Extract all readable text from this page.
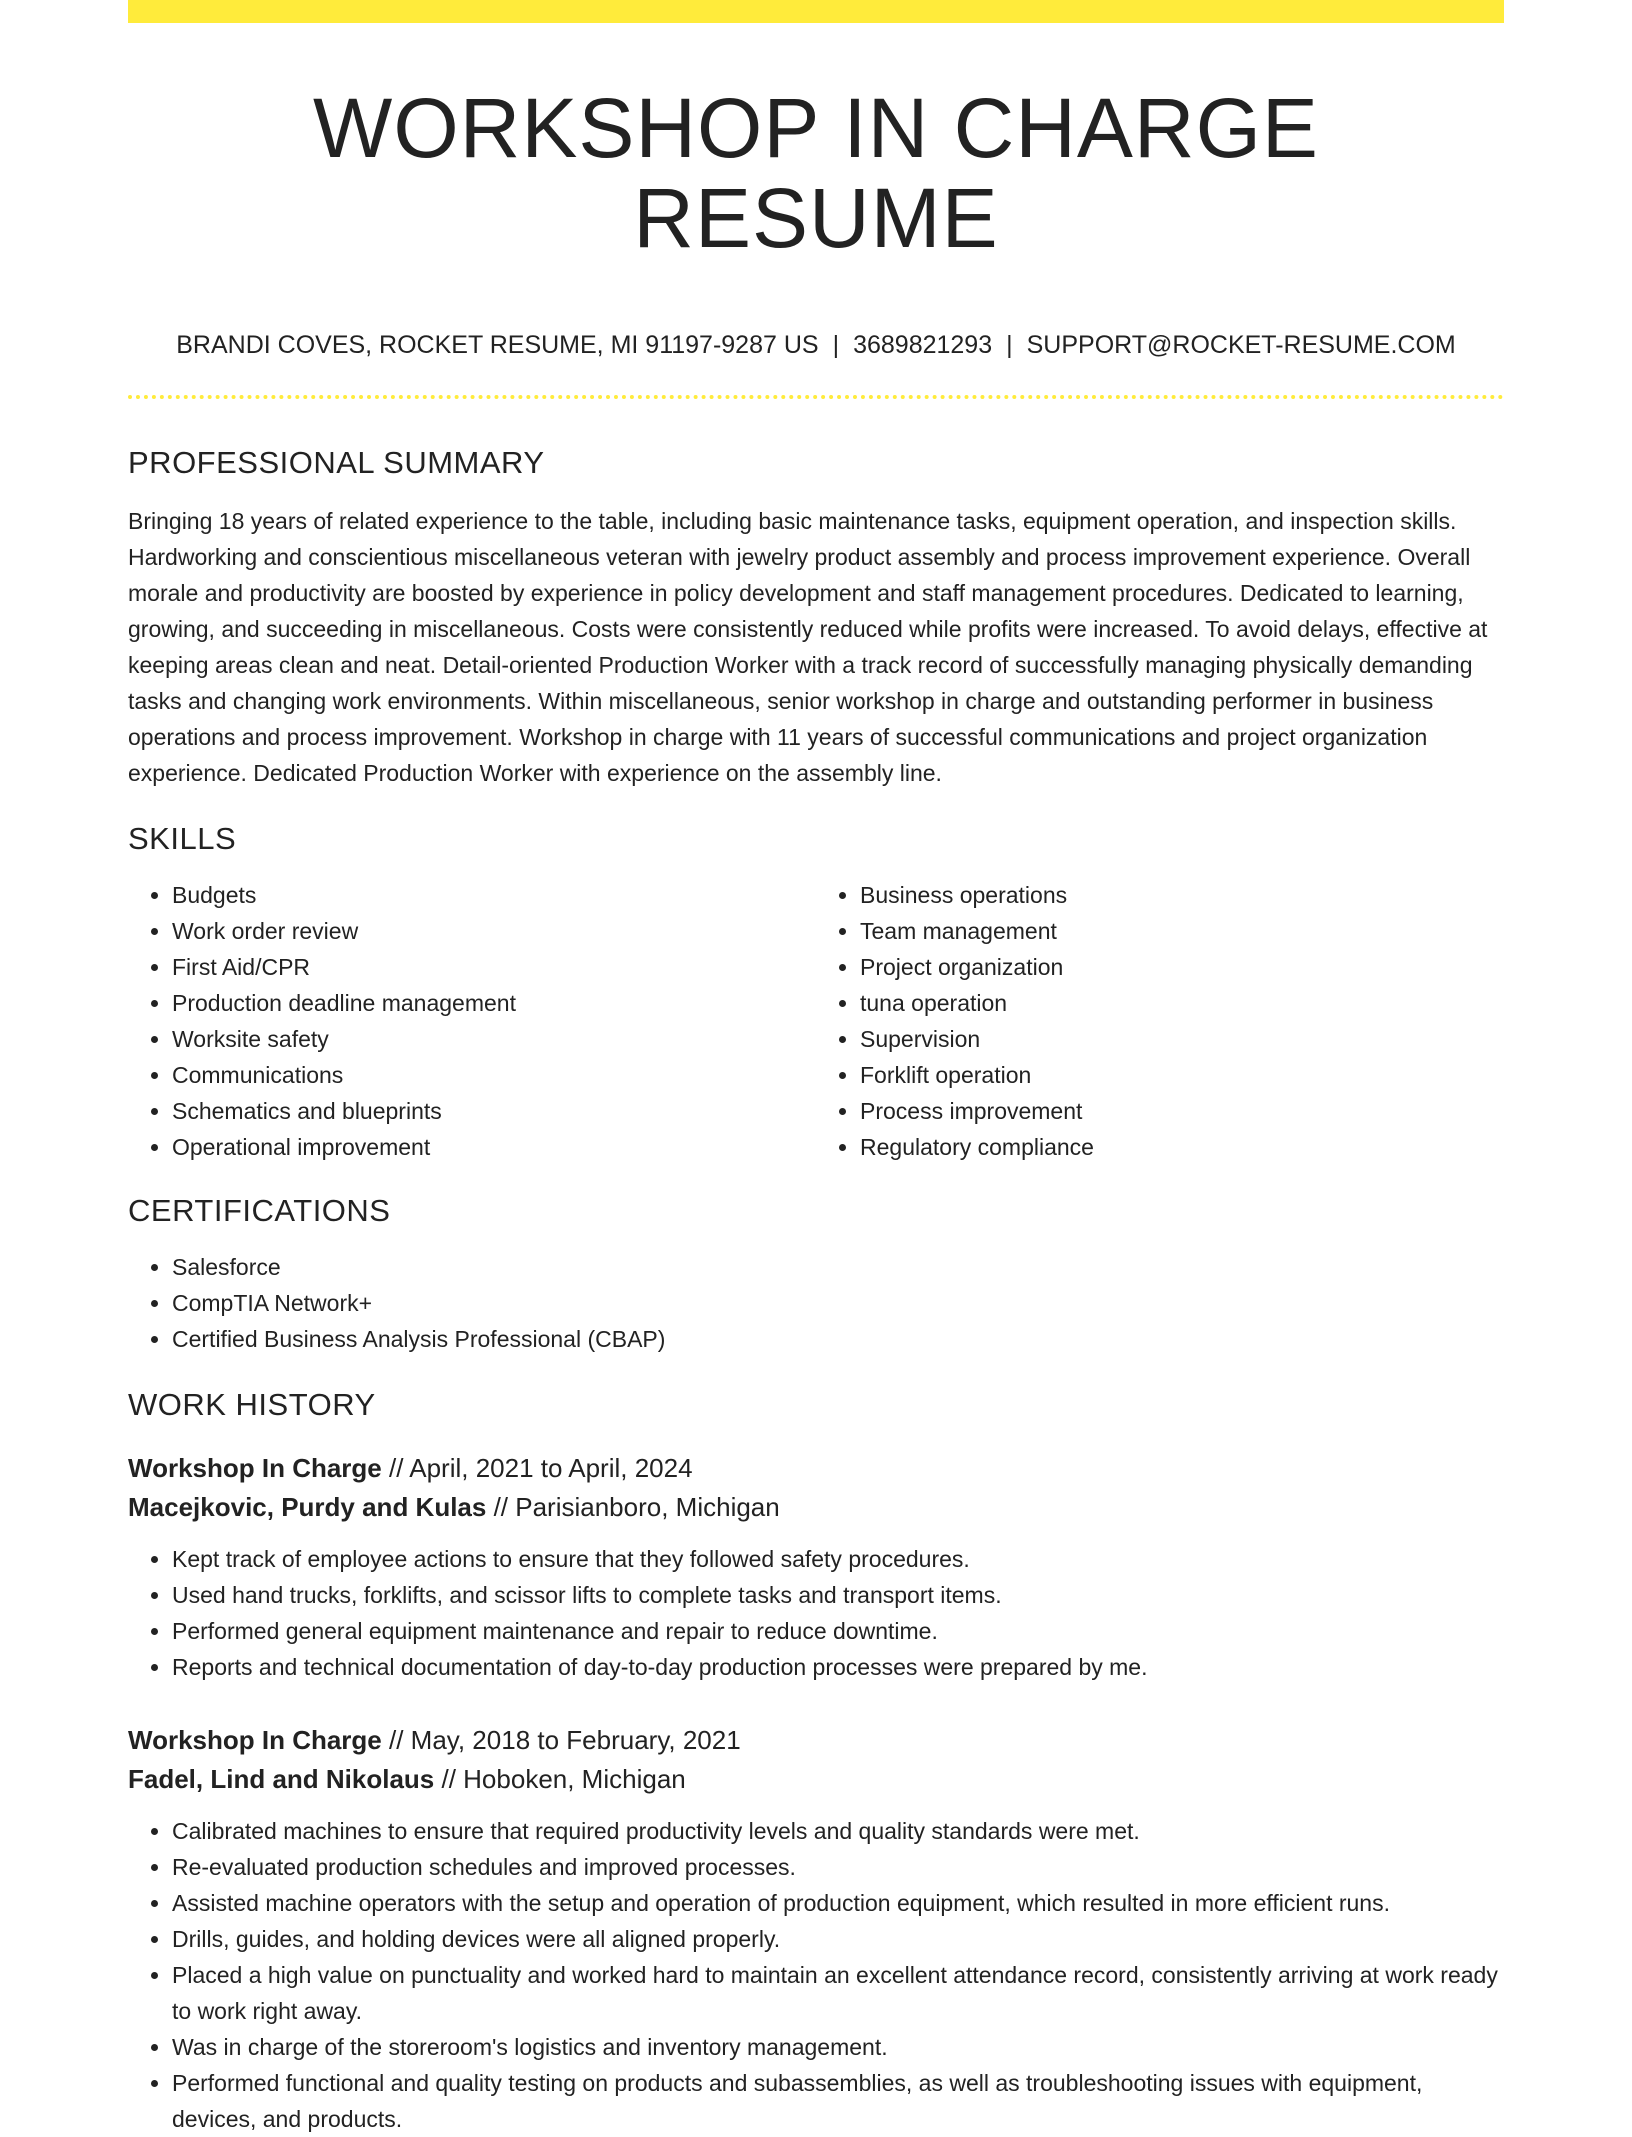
WORKSHOP IN CHARGE RESUME
BRANDI COVES, ROCKET RESUME, MI 91197-9287 US | 3689821293 | SUPPORT@ROCKET-RESUME.COM
PROFESSIONAL SUMMARY

Bringing 18 years of related experience to the table, including basic maintenance tasks, equipment operation, and inspection skills. Hardworking and conscientious miscellaneous veteran with jewelry product assembly and process improvement experience. Overall morale and productivity are boosted by experience in policy development and staff management procedures. Dedicated to learning, growing, and succeeding in miscellaneous. Costs were consistently reduced while profits were increased. To avoid delays, effective at keeping areas clean and neat. Detail-oriented Production Worker with a track record of successfully managing physically demanding tasks and changing work environments. Within miscellaneous, senior workshop in charge and outstanding performer in business operations and process improvement. Workshop in charge with 11 years of successful communications and project organization experience. Dedicated Production Worker with experience on the assembly line.

SKILLS
• Budgets
• Work order review
• First Aid/CPR
• Production deadline management
• Worksite safety
• Communications
• Schematics and blueprints
• Operational improvement
• Business operations
• Team management
• Project organization
• tuna operation
• Supervision
• Forklift operation
• Process improvement
• Regulatory compliance
CERTIFICATIONS
• Salesforce
• CompTIA Network+
• Certified Business Analysis Professional (CBAP)
WORK HISTORY
Workshop In Charge // April, 2021 to April, 2024
Macejkovic, Purdy and Kulas // Parisianboro, Michigan
• Kept track of employee actions to ensure that they followed safety procedures.
• Used hand trucks, forklifts, and scissor lifts to complete tasks and transport items.
• Performed general equipment maintenance and repair to reduce downtime.
• Reports and technical documentation of day-to-day production processes were prepared by me.
Workshop In Charge // May, 2018 to February, 2021
Fadel, Lind and Nikolaus // Hoboken, Michigan
• Calibrated machines to ensure that required productivity levels and quality standards were met.
• Re-evaluated production schedules and improved processes.
• Assisted machine operators with the setup and operation of production equipment, which resulted in more efficient runs.
• Drills, guides, and holding devices were all aligned properly.
• Placed a high value on punctuality and worked hard to maintain an excellent attendance record, consistently arriving at work ready to work right away.
• Was in charge of the storeroom's logistics and inventory management.
• Performed functional and quality testing on products and subassemblies, as well as troubleshooting issues with equipment, devices, and products.
